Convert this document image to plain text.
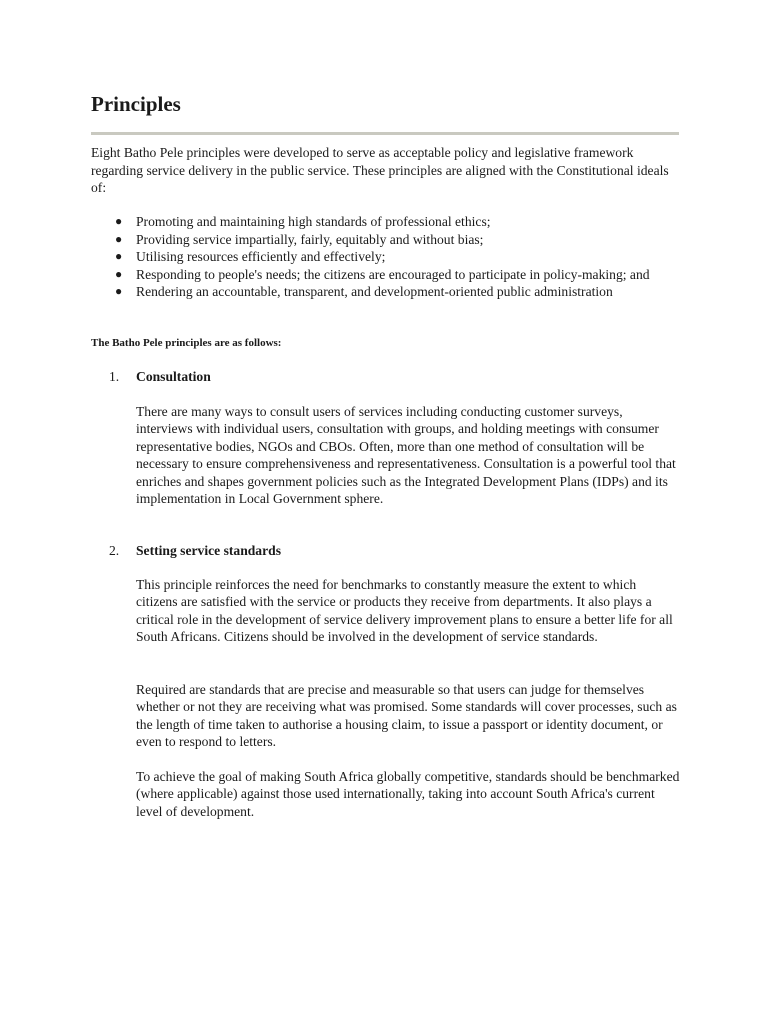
Principles

Eight Batho Pele principles were developed to serve as acceptable policy and legislative framework regarding service delivery in the public service. These principles are aligned with the Constitutional ideals of:

● Promoting and maintaining high standards of professional ethics;
● Providing service impartially, fairly, equitably and without bias;
● Utilising resources efficiently and effectively;
● Responding to people's needs; the citizens are encouraged to participate in policy-making; and
● Rendering an accountable, transparent, and development-oriented public administration

The Batho Pele principles are as follows:

1. Consultation

There are many ways to consult users of services including conducting customer surveys, interviews with individual users, consultation with groups, and holding meetings with consumer representative bodies, NGOs and CBOs. Often, more than one method of consultation will be necessary to ensure comprehensiveness and representativeness. Consultation is a powerful tool that enriches and shapes government policies such as the Integrated Development Plans (IDPs) and its implementation in Local Government sphere.

2. Setting service standards

This principle reinforces the need for benchmarks to constantly measure the extent to which citizens are satisfied with the service or products they receive from departments. It also plays a critical role in the development of service delivery improvement plans to ensure a better life for all South Africans. Citizens should be involved in the development of service standards.

Required are standards that are precise and measurable so that users can judge for themselves whether or not they are receiving what was promised. Some standards will cover processes, such as the length of time taken to authorise a housing claim, to issue a passport or identity document, or even to respond to letters.

To achieve the goal of making South Africa globally competitive, standards should be benchmarked (where applicable) against those used internationally, taking into account South Africa's current level of development.
